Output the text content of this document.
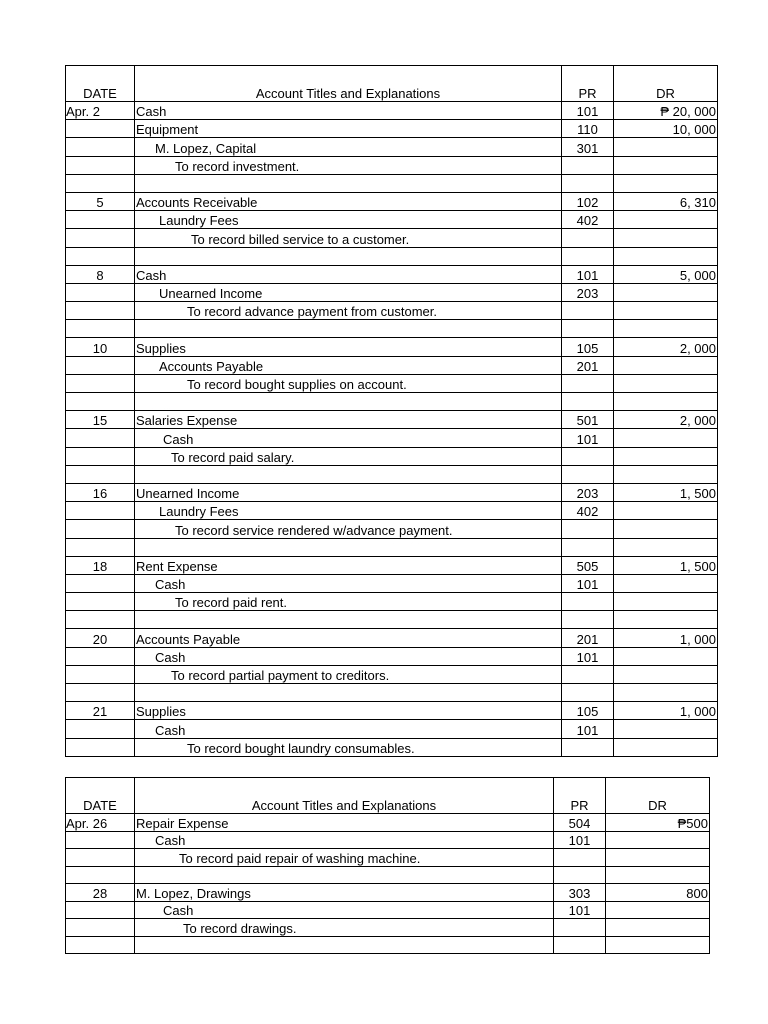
DATE	Account Titles and Explanations	PR	DR
Apr. 2	Cash	101	₱ 20, 000
	Equipment	110	10, 000
	M. Lopez, Capital	301	
	To record investment.		

5	Accounts Receivable	102	6, 310
	Laundry Fees	402	
	To record billed service to a customer.		

8	Cash	101	5, 000
	Unearned Income	203	
	To record advance payment from customer.		

10	Supplies	105	2, 000
	Accounts Payable	201	
	To record bought supplies on account.		

15	Salaries Expense	501	2, 000
	Cash	101	
	To record paid salary.		

16	Unearned Income	203	1, 500
	Laundry Fees	402	
	To record service rendered w/advance payment.		

18	Rent Expense	505	1, 500
	Cash	101	
	To record paid rent.		

20	Accounts Payable	201	1, 000
	Cash	101	
	To record partial payment to creditors.		

21	Supplies	105	1, 000
	Cash	101	
	To record bought laundry consumables.		
DATE	Account Titles and Explanations	PR	DR
Apr. 26	Repair Expense	504	₱500
	Cash	101	
	To record paid repair of washing machine.		

28	M. Lopez, Drawings	303	800
	Cash	101	
	To record drawings.		
